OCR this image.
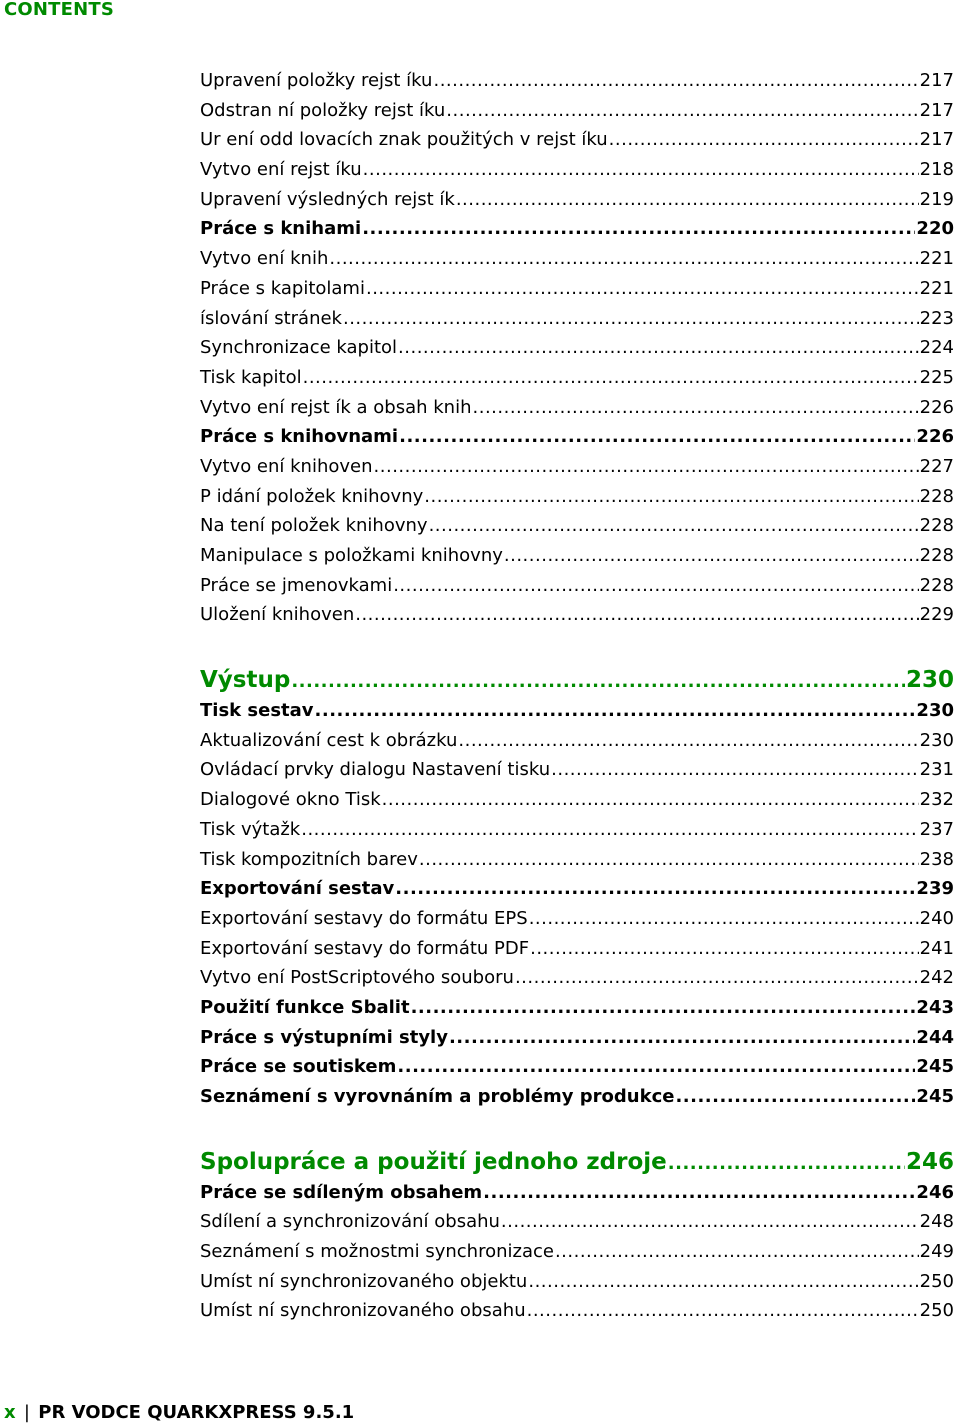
CONTENTS
Upravení položky rejst íku .....	217
Odstran ní položky rejst íku .....	217
Ur ení odd lovacích znak použitých v rejst íku .....	217
Vytvo ení rejst íku .....	218
Upravení výsledných rejst ík .....	219
Práce s knihami .....	220
Vytvo ení knih .....	221
Práce s kapitolami .....	221
íslování stránek .....	223
Synchronizace kapitol .....	224
Tisk kapitol .....	225
Vytvo ení rejst ík a obsah knih .....	226
Práce s knihovnami .....	226
Vytvo ení knihoven .....	227
P idání položek knihovny .....	228
Na tení položek knihovny .....	228
Manipulace s položkami knihovny .....	228
Práce se jmenovkami .....	228
Uložení knihoven .....	229
Výstup .....	230
Tisk sestav .....	230
Aktualizování cest k obrázku .....	230
Ovládací prvky dialogu Nastavení tisku .....	231
Dialogové okno Tisk .....	232
Tisk výtažk .....	237
Tisk kompozitních barev .....	238
Exportování sestav .....	239
Exportování sestavy do formátu EPS .....	240
Exportování sestavy do formátu PDF .....	241
Vytvo ení PostScriptového souboru .....	242
Použití funkce Sbalit .....	243
Práce s výstupními styly .....	244
Práce se soutiskem .....	245
Seznámení s vyrovnáním a problémy produkce .....	245
Spolupráce a použití jednoho zdroje .....	246
Práce se sdíleným obsahem .....	246
Sdílení a synchronizování obsahu .....	248
Seznámení s možnostmi synchronizace .....	249
Umíst ní synchronizovaného objektu .....	250
Umíst ní synchronizovaného obsahu .....	250
x | PR VODCE QUARKXPRESS 9.5.1
